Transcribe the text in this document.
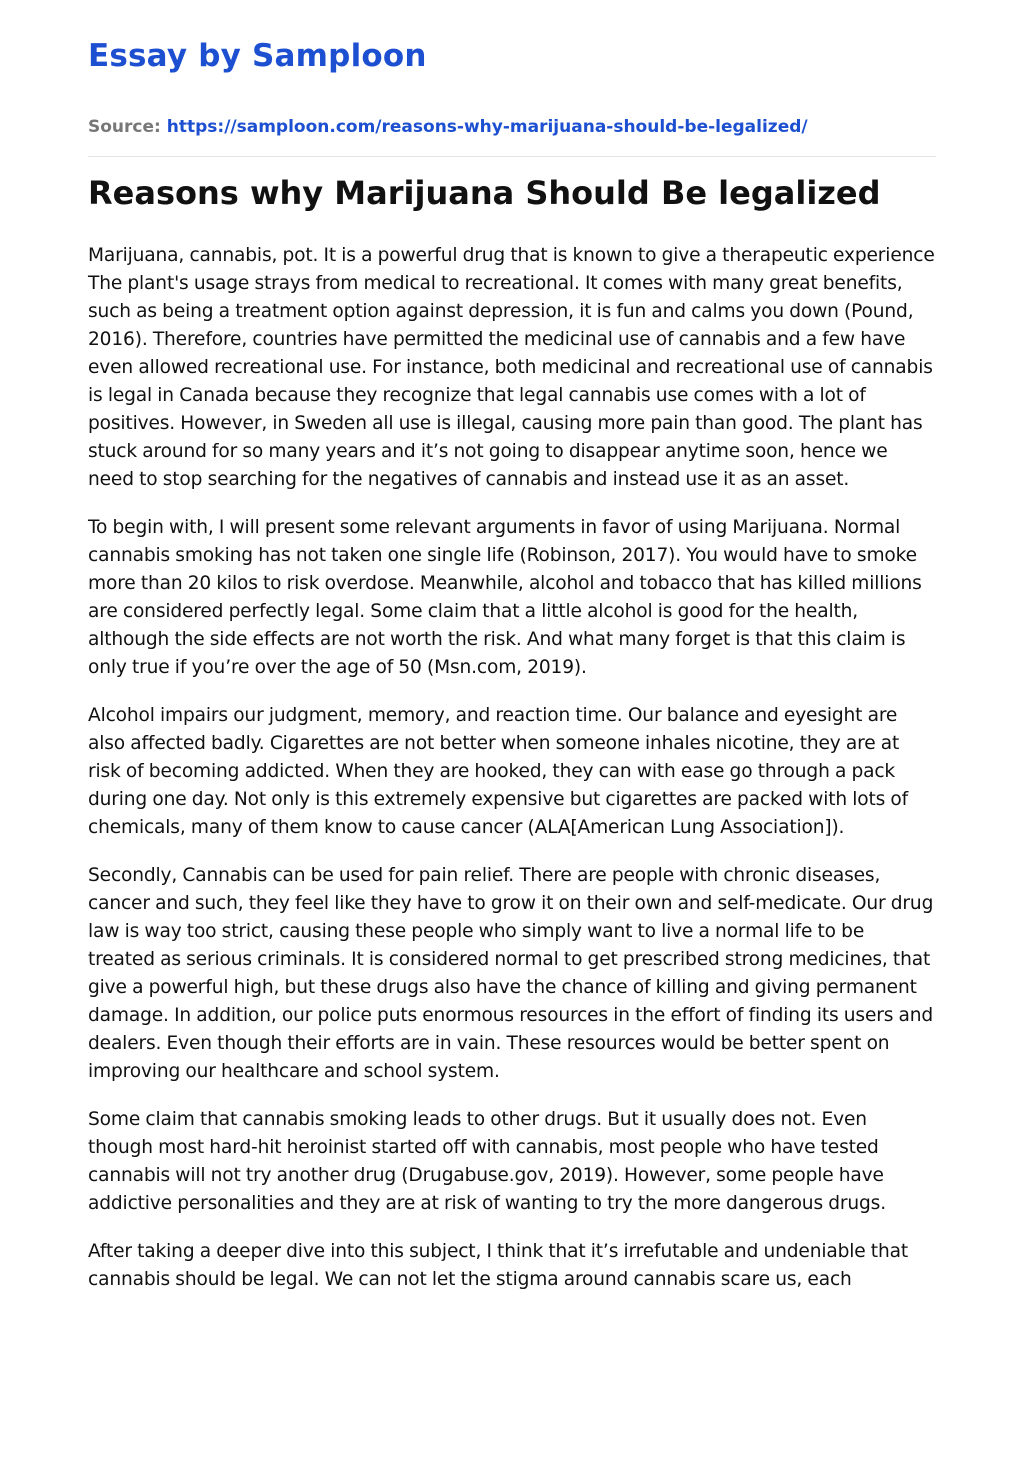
Essay by Samploon
Source: https://samploon.com/reasons-why-marijuana-should-be-legalized/
Reasons why Marijuana Should Be legalized

Marijuana, cannabis, pot. It is a powerful drug that is known to give a therapeutic experience The plant's usage strays from medical to recreational. It comes with many great benefits, such as being a treatment option against depression, it is fun and calms you down (Pound, 2016). Therefore, countries have permitted the medicinal use of cannabis and a few have even allowed recreational use. For instance, both medicinal and recreational use of cannabis is legal in Canada because they recognize that legal cannabis use comes with a lot of positives. However, in Sweden all use is illegal, causing more pain than good. The plant has stuck around for so many years and it’s not going to disappear anytime soon, hence we need to stop searching for the negatives of cannabis and instead use it as an asset.

To begin with, I will present some relevant arguments in favor of using Marijuana. Normal cannabis smoking has not taken one single life (Robinson, 2017). You would have to smoke more than 20 kilos to risk overdose. Meanwhile, alcohol and tobacco that has killed millions are considered perfectly legal. Some claim that a little alcohol is good for the health, although the side effects are not worth the risk. And what many forget is that this claim is only true if you’re over the age of 50 (Msn.com, 2019).

Alcohol impairs our judgment, memory, and reaction time. Our balance and eyesight are also affected badly. Cigarettes are not better when someone inhales nicotine, they are at risk of becoming addicted. When they are hooked, they can with ease go through a pack during one day. Not only is this extremely expensive but cigarettes are packed with lots of chemicals, many of them know to cause cancer (ALA[American Lung Association]).

Secondly, Cannabis can be used for pain relief. There are people with chronic diseases, cancer and such, they feel like they have to grow it on their own and self-medicate. Our drug law is way too strict, causing these people who simply want to live a normal life to be treated as serious criminals. It is considered normal to get prescribed strong medicines, that give a powerful high, but these drugs also have the chance of killing and giving permanent damage. In addition, our police puts enormous resources in the effort of finding its users and dealers. Even though their efforts are in vain. These resources would be better spent on improving our healthcare and school system.

Some claim that cannabis smoking leads to other drugs. But it usually does not. Even though most hard-hit heroinist started off with cannabis, most people who have tested cannabis will not try another drug (Drugabuse.gov, 2019). However, some people have addictive personalities and they are at risk of wanting to try the more dangerous drugs.

After taking a deeper dive into this subject, I think that it’s irrefutable and undeniable that cannabis should be legal. We can not let the stigma around cannabis scare us, each
